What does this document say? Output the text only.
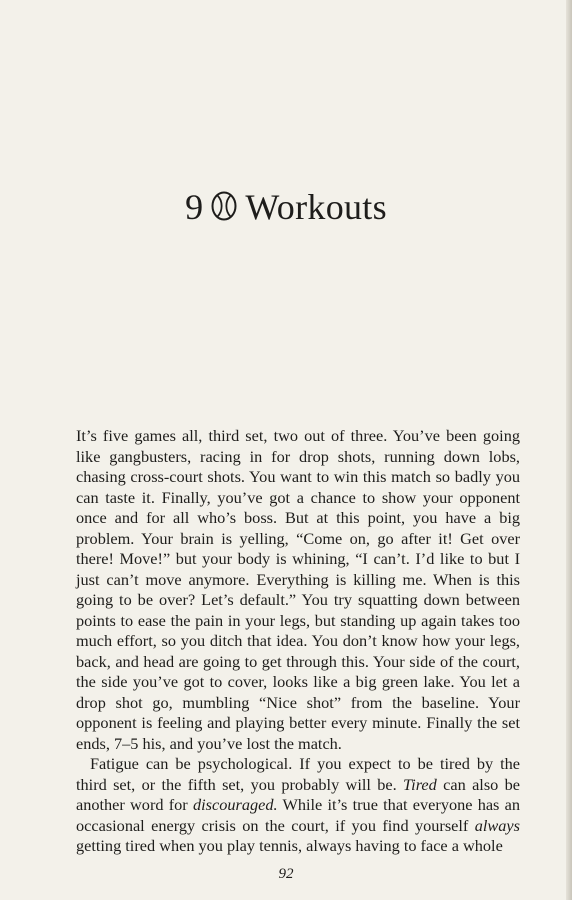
9 Workouts

It’s five games all, third set, two out of three. You’ve been going like gangbusters, racing in for drop shots, running down lobs, chasing cross-court shots. You want to win this match so badly you can taste it. Finally, you’ve got a chance to show your opponent once and for all who’s boss. But at this point, you have a big problem. Your brain is yelling, “Come on, go after it! Get over there! Move!” but your body is whining, “I can’t. I’d like to but I just can’t move anymore. Everything is killing me. When is this going to be over? Let’s default.” You try squatting down between points to ease the pain in your legs, but standing up again takes too much effort, so you ditch that idea. You don’t know how your legs, back, and head are going to get through this. Your side of the court, the side you’ve got to cover, looks like a big green lake. You let a drop shot go, mumbling “Nice shot” from the baseline. Your opponent is feeling and playing better every minute. Finally the set ends, 7–5 his, and you’ve lost the match.

Fatigue can be psychological. If you expect to be tired by the third set, or the fifth set, you probably will be. Tired can also be another word for discouraged. While it’s true that everyone has an occasional energy crisis on the court, if you find yourself always getting tired when you play tennis, always having to face a whole

92
